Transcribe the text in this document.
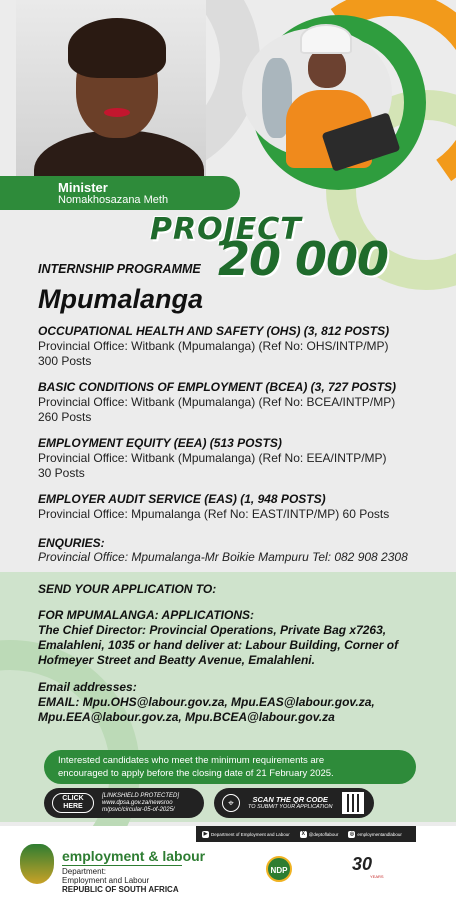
Minister
Nomakhosazana Meth
PROJECT
20 000
INTERNSHIP PROGRAMME
Mpumalanga
OCCUPATIONAL HEALTH AND SAFETY (OHS) (3, 812 POSTS)
Provincial Office: Witbank (Mpumalanga) (Ref No: OHS/INTP/MP)
300 Posts
BASIC CONDITIONS OF EMPLOYMENT (BCEA) (3, 727 POSTS)
Provincial Office: Witbank (Mpumalanga) (Ref No: BCEA/INTP/MP)
260 Posts
EMPLOYMENT EQUITY (EEA) (513 POSTS)
Provincial Office: Witbank (Mpumalanga) (Ref No: EEA/INTP/MP)
30 Posts
EMPLOYER AUDIT SERVICE (EAS) (1, 948 POSTS)
Provincial Office: Mpumalanga (Ref No: EAST/INTP/MP) 60 Posts
ENQURIES:
Provincial Office: Mpumalanga-Mr Boikie Mampuru Tel: 082 908 2308
SEND YOUR APPLICATION TO:
FOR MPUMALANGA: APPLICATIONS:
The Chief Director: Provincial Operations, Private Bag x7263, Emalahleni, 1035 or hand deliver at: Labour Building, Corner of Hofmeyer Street and Beatty Avenue, Emalahleni.
Email addresses:
EMAIL: Mpu.OHS@labour.gov.za, Mpu.EAS@labour.gov.za,
Mpu.EEA@labour.gov.za, Mpu.BCEA@labour.gov.za
Interested candidates who meet the minimum requirements are
encouraged to apply before the closing date of 21 February 2025.
CLICK
HERE
[LINKSHIELD PROTECTED]
www.dpsa.gov.za/newsroo
m/psvc/circular-05-of-2025/
⌖	SCAN THE QR CODE
TO SUBMIT YOUR APPLICATION
▶ Department of Employment and Labour	X @deptoflabour ◎ employmentandlabour
employment & labour
Department:
Employment and Labour
REPUBLIC OF SOUTH AFRICA
NDP	30
YEARS
